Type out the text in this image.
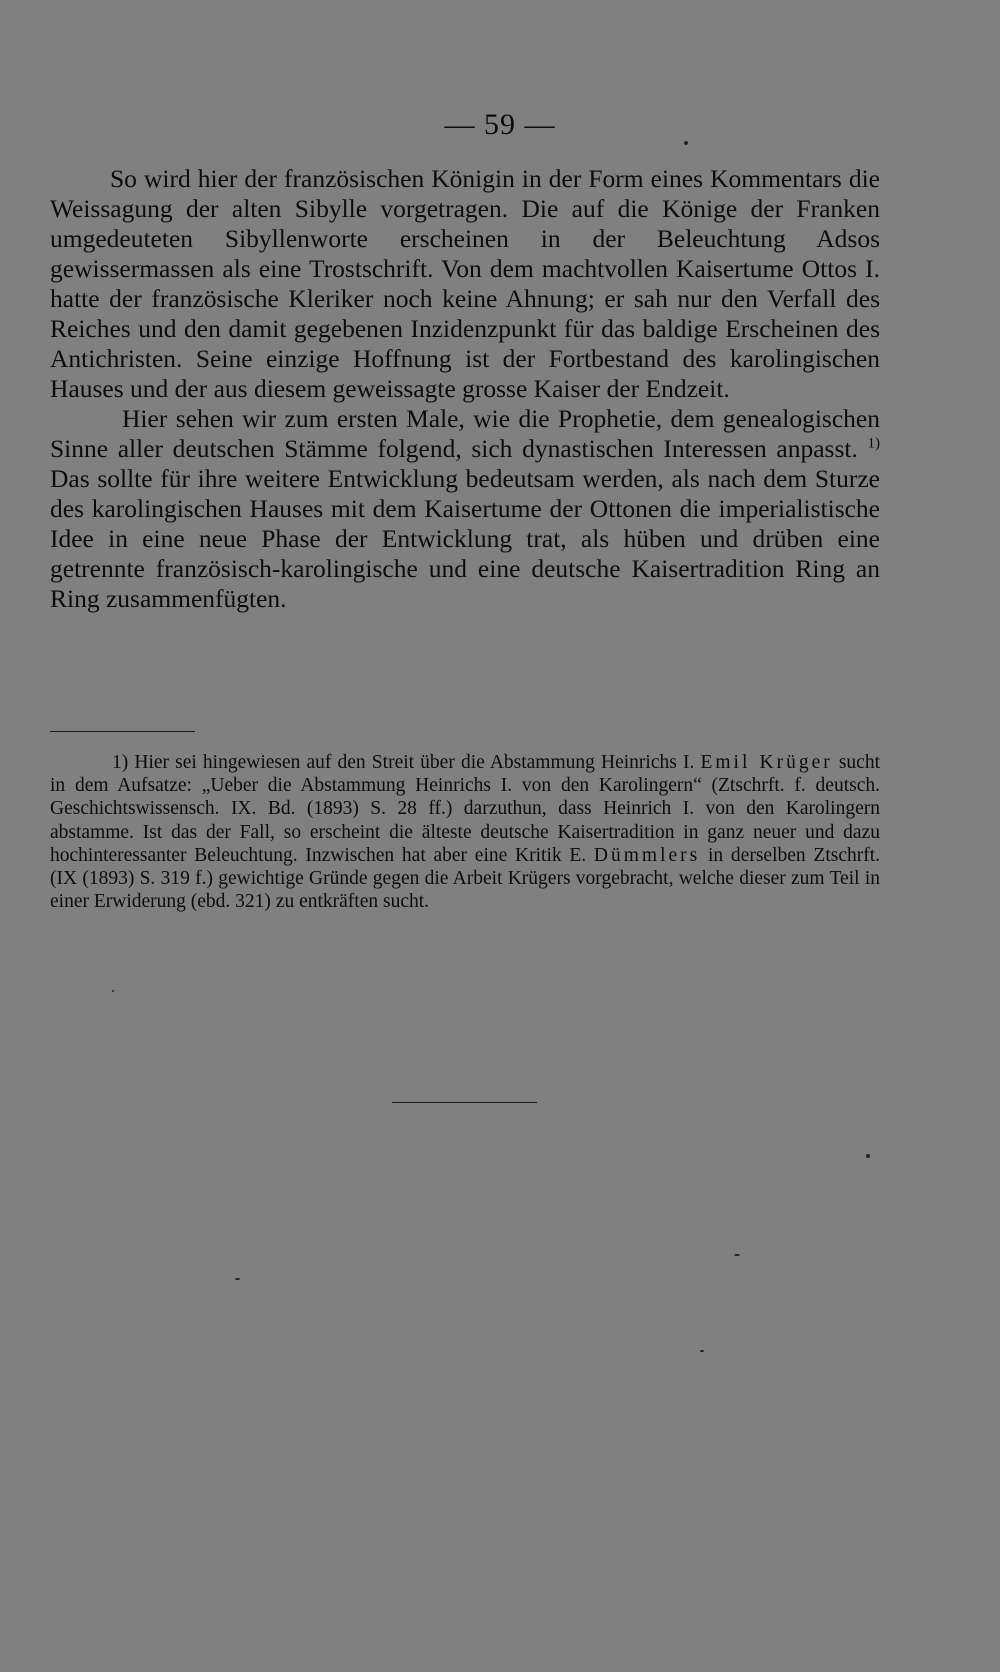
— 59 —

So wird hier der französischen Königin in der Form eines Kommentars die Weissagung der alten Sibylle vorgetragen. Die auf die Könige der Franken umgedeuteten Sibyllenworte erscheinen in der Beleuchtung Adsos gewissermassen als eine Trostschrift. Von dem machtvollen Kaisertume Ottos I. hatte der französische Kleriker noch keine Ahnung; er sah nur den Verfall des Reiches und den damit gegebenen Inzidenzpunkt für das baldige Erscheinen des Antichristen. Seine einzige Hoffnung ist der Fortbestand des karolingischen Hauses und der aus diesem geweissagte grosse Kaiser der Endzeit.

Hier sehen wir zum ersten Male, wie die Prophetie, dem genealogischen Sinne aller deutschen Stämme folgend, sich dynastischen Interessen anpasst. $^{1)}$ Das sollte für ihre weitere Entwicklung bedeutsam werden, als nach dem Sturze des karolingischen Hauses mit dem Kaisertume der Ottonen die imperialistische Idee in eine neue Phase der Entwicklung trat, als hüben und drüben eine getrennte französisch-karolingische und eine deutsche Kaisertradition Ring an Ring zusammenfügten.

1) Hier sei hingewiesen auf den Streit über die Abstammung Heinrichs I. Emil Krüger sucht in dem Aufsatze: „Ueber die Abstammung Heinrichs I. von den Karolingern“ (Ztschrft. f. deutsch. Geschichtswissensch. IX. Bd. (1893) S. 28 ff.) darzuthun, dass Heinrich I. von den Karolingern abstamme. Ist das der Fall, so erscheint die älteste deutsche Kaisertradition in ganz neuer und dazu hochinteressanter Beleuchtung. Inzwischen hat aber eine Kritik E. Dümmlers in derselben Ztschrft. (IX (1893) S. 319 f.) gewichtige Gründe gegen die Arbeit Krügers vorgebracht, welche dieser zum Teil in einer Erwiderung (ebd. 321) zu entkräften sucht.
